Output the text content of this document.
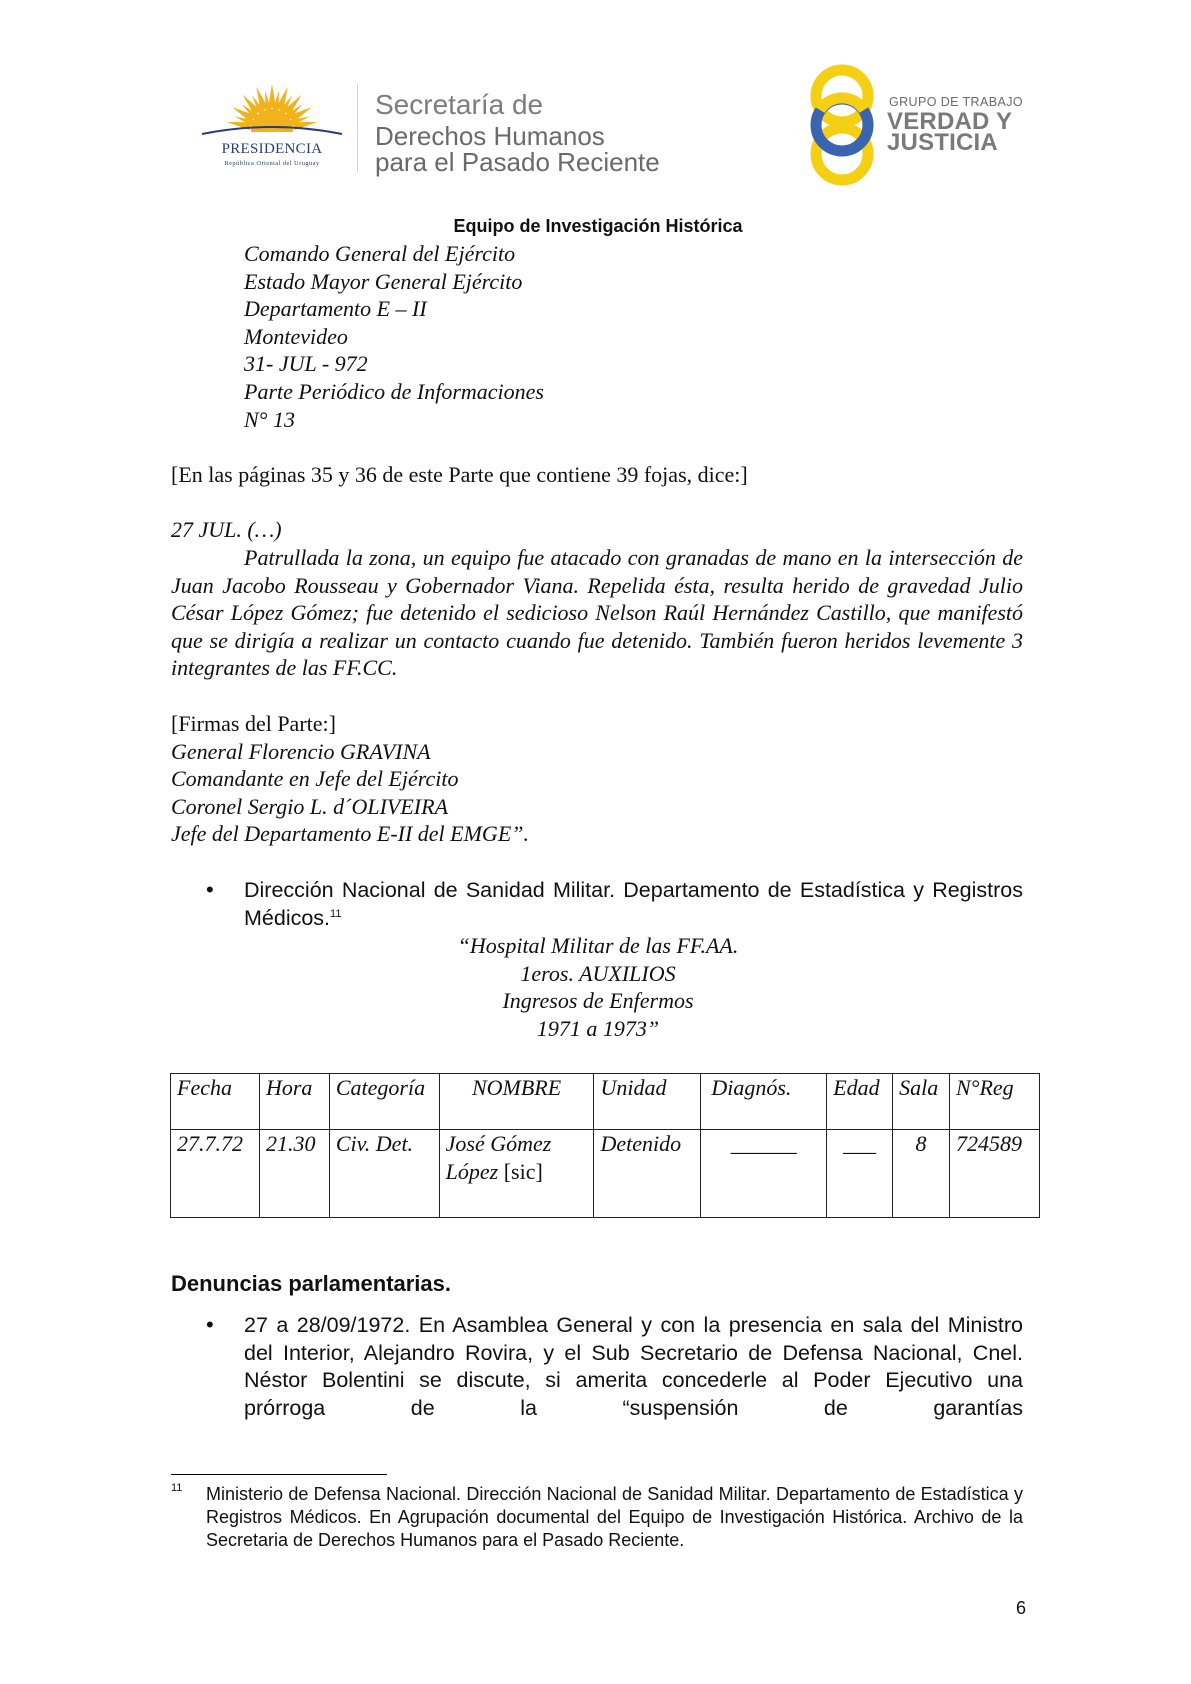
PRESIDENCIA
República Oriental del Uruguay
Secretaría de
Derechos Humanos
para el Pasado Reciente
GRUPO DE TRABAJO
VERDAD Y
JUSTICIA
Equipo de Investigación Histórica
Comando General del Ejército
Estado Mayor General Ejército
Departamento E – II
Montevideo
31- JUL - 972
Parte Periódico de Informaciones
N° 13
[En las páginas 35 y 36 de este Parte que contiene 39 fojas, dice:]
27 JUL. (…)
Patrullada la zona, un equipo fue atacado con granadas de mano en la intersección de Juan Jacobo Rousseau y Gobernador Viana. Repelida ésta, resulta herido de gravedad Julio César López Gómez; fue detenido el sedicioso Nelson Raúl Hernández Castillo, que manifestó que se dirigía a realizar un contacto cuando fue detenido. También fueron heridos levemente 3 integrantes de las FF.CC.
[Firmas del Parte:]
General Florencio GRAVINA
Comandante en Jefe del Ejército
Coronel Sergio L. d´OLIVEIRA
Jefe del Departamento E-II del EMGE”.
• Dirección Nacional de Sanidad Militar. Departamento de Estadística y Registros Médicos.$^{11}$
“Hospital Militar de las FF.AA.
1eros. AUXILIOS
Ingresos de Enfermos
1971 a 1973”
Fecha	Hora	Categoría	NOMBRE	Unidad	Diagnós.	Edad	Sala	N°Reg
27.7.72	21.30	Civ. Det.	José Gómez López [sic]	Detenido	______	___	8	724589
Denuncias parlamentarias.
• 27 a 28/09/1972. En Asamblea General y con la presencia en sala del Ministro del Interior, Alejandro Rovira, y el Sub Secretario de Defensa Nacional, Cnel. Néstor Bolentini se discute, si amerita concederle al Poder Ejecutivo una prórroga de la “suspensión de garantías
11 Ministerio de Defensa Nacional. Dirección Nacional de Sanidad Militar. Departamento de Estadística y Registros Médicos. En Agrupación documental del Equipo de Investigación Histórica. Archivo de la Secretaria de Derechos Humanos para el Pasado Reciente.
6
